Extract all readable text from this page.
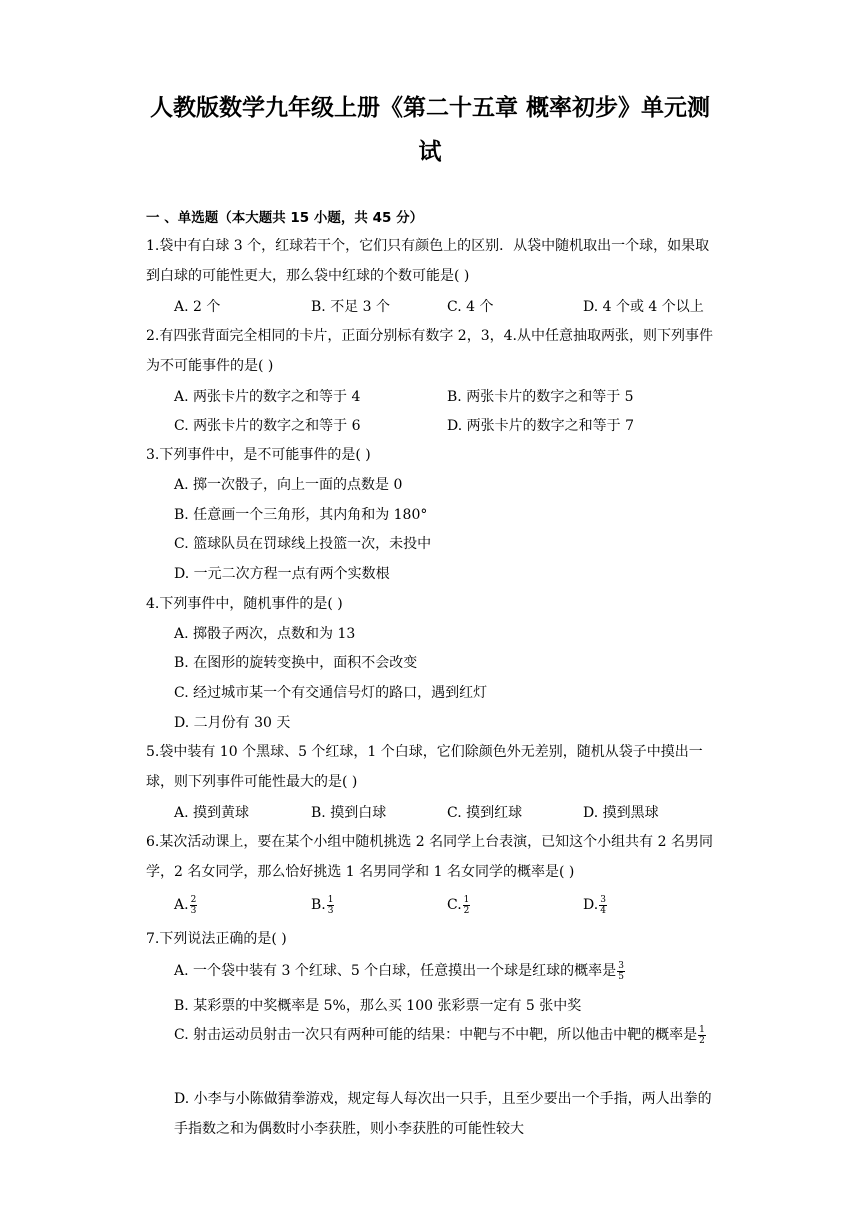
人教版数学九年级上册《第二十五章 概率初步》单元测试
一 、单选题（本大题共 15 小题，共 45 分）
1.袋中有白球 3 个，红球若干个，它们只有颜色上的区别．从袋中随机取出一个球，如果取到白球的可能性更大，那么袋中红球的个数可能是( )
A. 2 个	B. 不足 3 个	C. 4 个	D. 4 个或 4 个以上
2.有四张背面完全相同的卡片，正面分别标有数字 2，3，4.从中任意抽取两张，则下列事件为不可能事件的是( )
A. 两张卡片的数字之和等于 4	B. 两张卡片的数字之和等于 5
C. 两张卡片的数字之和等于 6	D. 两张卡片的数字之和等于 7
3.下列事件中，是不可能事件的是( )
A. 掷一次骰子，向上一面的点数是 0
B. 任意画一个三角形，其内角和为 180°
C. 篮球队员在罚球线上投篮一次，未投中
D. 一元二次方程一点有两个实数根
4.下列事件中，随机事件的是( )
A. 掷骰子两次，点数和为 13
B. 在图形的旋转变换中，面积不会改变
C. 经过城市某一个有交通信号灯的路口，遇到红灯
D. 二月份有 30 天
5.袋中装有 10 个黑球、5 个红球，1 个白球，它们除颜色外无差别，随机从袋子中摸出一球，则下列事件可能性最大的是( )
A. 摸到黄球	B. 摸到白球	C. 摸到红球	D. 摸到黑球
6.某次活动课上，要在某个小组中随机挑选 2 名同学上台表演，已知这个小组共有 2 名男同学，2 名女同学，那么恰好挑选 1 名男同学和 1 名女同学的概率是( )
A. $\frac{2}{3}$	B. $\frac{1}{3}$	C. $\frac{1}{2}$	D. $\frac{3}{4}$
7.下列说法正确的是( )
A. 一个袋中装有 3 个红球、5 个白球，任意摸出一个球是红球的概率是 $\frac{3}{5}$
B. 某彩票的中奖概率是 5%，那么买 100 张彩票一定有 5 张中奖
C. 射击运动员射击一次只有两种可能的结果：中靶与不中靶，所以他击中靶的概率是 $\frac{1}{2}$
D. 小李与小陈做猜拳游戏，规定每人每次出一只手，且至少要出一个手指，两人出拳的手指数之和为偶数时小李获胜，则小李获胜的可能性较大
